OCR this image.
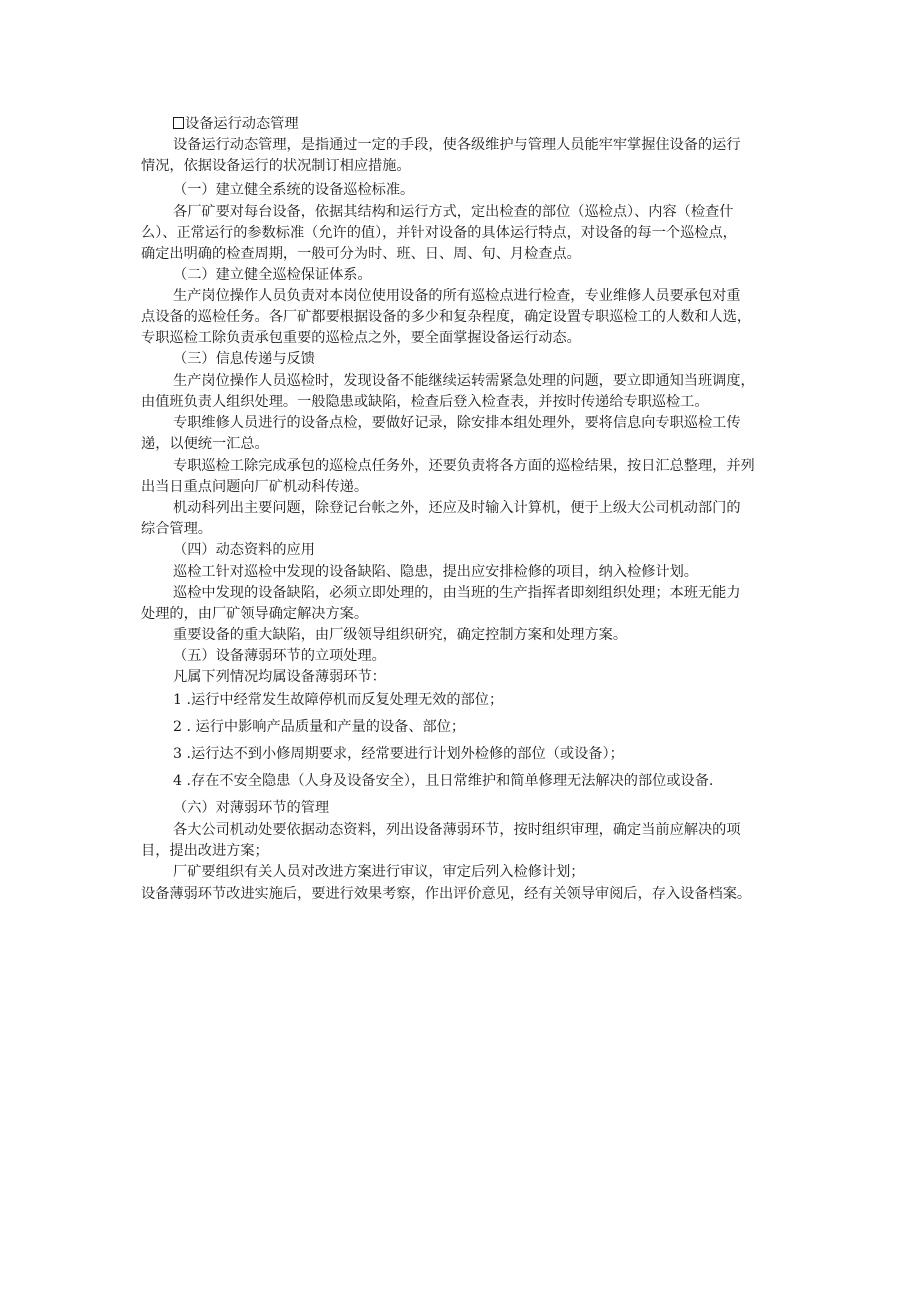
设备运行动态管理
设备运行动态管理，是指通过一定的手段，使各级维护与管理人员能牢牢掌握住设备的运行
情况，依据设备运行的状况制订相应措施。
（一）建立健全系统的设备巡检标准。
各厂矿要对每台设备，依据其结构和运行方式，定出检查的部位（巡检点）、内容（检查什
么）、正常运行的参数标准（允许的值），并针对设备的具体运行特点，对设备的每一个巡检点，
确定出明确的检查周期，一般可分为时、班、日、周、旬、月检查点。
（二）建立健全巡检保证体系。
生产岗位操作人员负责对本岗位使用设备的所有巡检点进行检查，专业维修人员要承包对重
点设备的巡检任务。各厂矿都要根据设备的多少和复杂程度，确定设置专职巡检工的人数和人选，
专职巡检工除负责承包重要的巡检点之外，要全面掌握设备运行动态。
（三）信息传递与反馈
生产岗位操作人员巡检时，发现设备不能继续运转需紧急处理的问题，要立即通知当班调度，
由值班负责人组织处理。一般隐患或缺陷，检查后登入检查表，并按时传递给专职巡检工。
专职维修人员进行的设备点检，要做好记录，除安排本组处理外，要将信息向专职巡检工传
递，以便统一汇总。
专职巡检工除完成承包的巡检点任务外，还要负责将各方面的巡检结果，按日汇总整理，并列
出当日重点问题向厂矿机动科传递。
机动科列出主要问题，除登记台帐之外，还应及时输入计算机，便于上级大公司机动部门的
综合管理。
（四）动态资料的应用
巡检工针对巡检中发现的设备缺陷、隐患，提出应安排检修的项目，纳入检修计划。
巡检中发现的设备缺陷，必须立即处理的，由当班的生产指挥者即刻组织处理；本班无能力
处理的，由厂矿领导确定解决方案。
重要设备的重大缺陷，由厂级领导组织研究，确定控制方案和处理方案。
（五）设备薄弱环节的立项处理。
凡属下列情况均属设备薄弱环节：
1 .运行中经常发生故障停机而反复处理无效的部位；
2 . 运行中影响产品质量和产量的设备、部位；
3 .运行达不到小修周期要求，经常要进行计划外检修的部位（或设备）；
4 .存在不安全隐患（人身及设备安全），且日常维护和简单修理无法解决的部位或设备.
（六）对薄弱环节的管理
各大公司机动处要依据动态资料，列出设备薄弱环节，按时组织审理，确定当前应解决的项
目，提出改进方案；
厂矿要组织有关人员对改进方案进行审议，审定后列入检修计划；
设备薄弱环节改进实施后，要进行效果考察，作出评价意见，经有关领导审阅后，存入设备档案。
